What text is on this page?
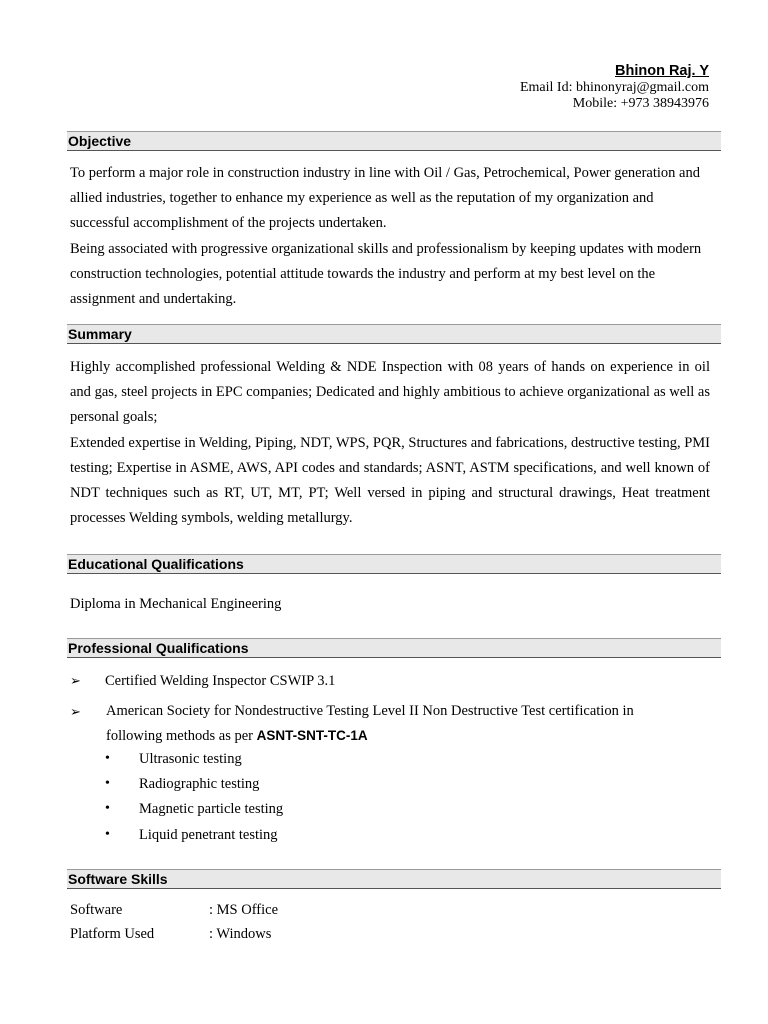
Bhinon Raj. Y
Email Id: bhinonyraj@gmail.com
Mobile: +973 38943976
Objective

To perform a major role in construction industry in line with Oil / Gas, Petrochemical, Power generation and allied industries, together to enhance my experience as well as the reputation of my organization and successful accomplishment of the projects undertaken.

Being associated with progressive organizational skills and professionalism by keeping updates with modern construction technologies, potential attitude towards the industry and perform at my best level on the assignment and undertaking.

Summary

Highly accomplished professional Welding & NDE Inspection with 08 years of hands on experience in oil and gas, steel projects in EPC companies; Dedicated and highly ambitious to achieve organizational as well as personal goals;

Extended expertise in Welding, Piping, NDT, WPS, PQR, Structures and fabrications, destructive testing, PMI testing; Expertise in ASME, AWS, API codes and standards; ASNT, ASTM specifications, and well known of NDT techniques such as RT, UT, MT, PT; Well versed in piping and structural drawings, Heat treatment processes Welding symbols, welding metallurgy.

Educational Qualifications
Diploma in Mechanical Engineering
Professional Qualifications
➢ Certified Welding Inspector CSWIP 3.1
➢ American Society for Nondestructive Testing Level II Non Destructive Test certification in
following methods as per ASNT-SNT-TC-1A
• Ultrasonic testing
• Radiographic testing
• Magnetic particle testing
• Liquid penetrant testing
Software Skills
Software	: MS Office
Platform Used	: Windows
